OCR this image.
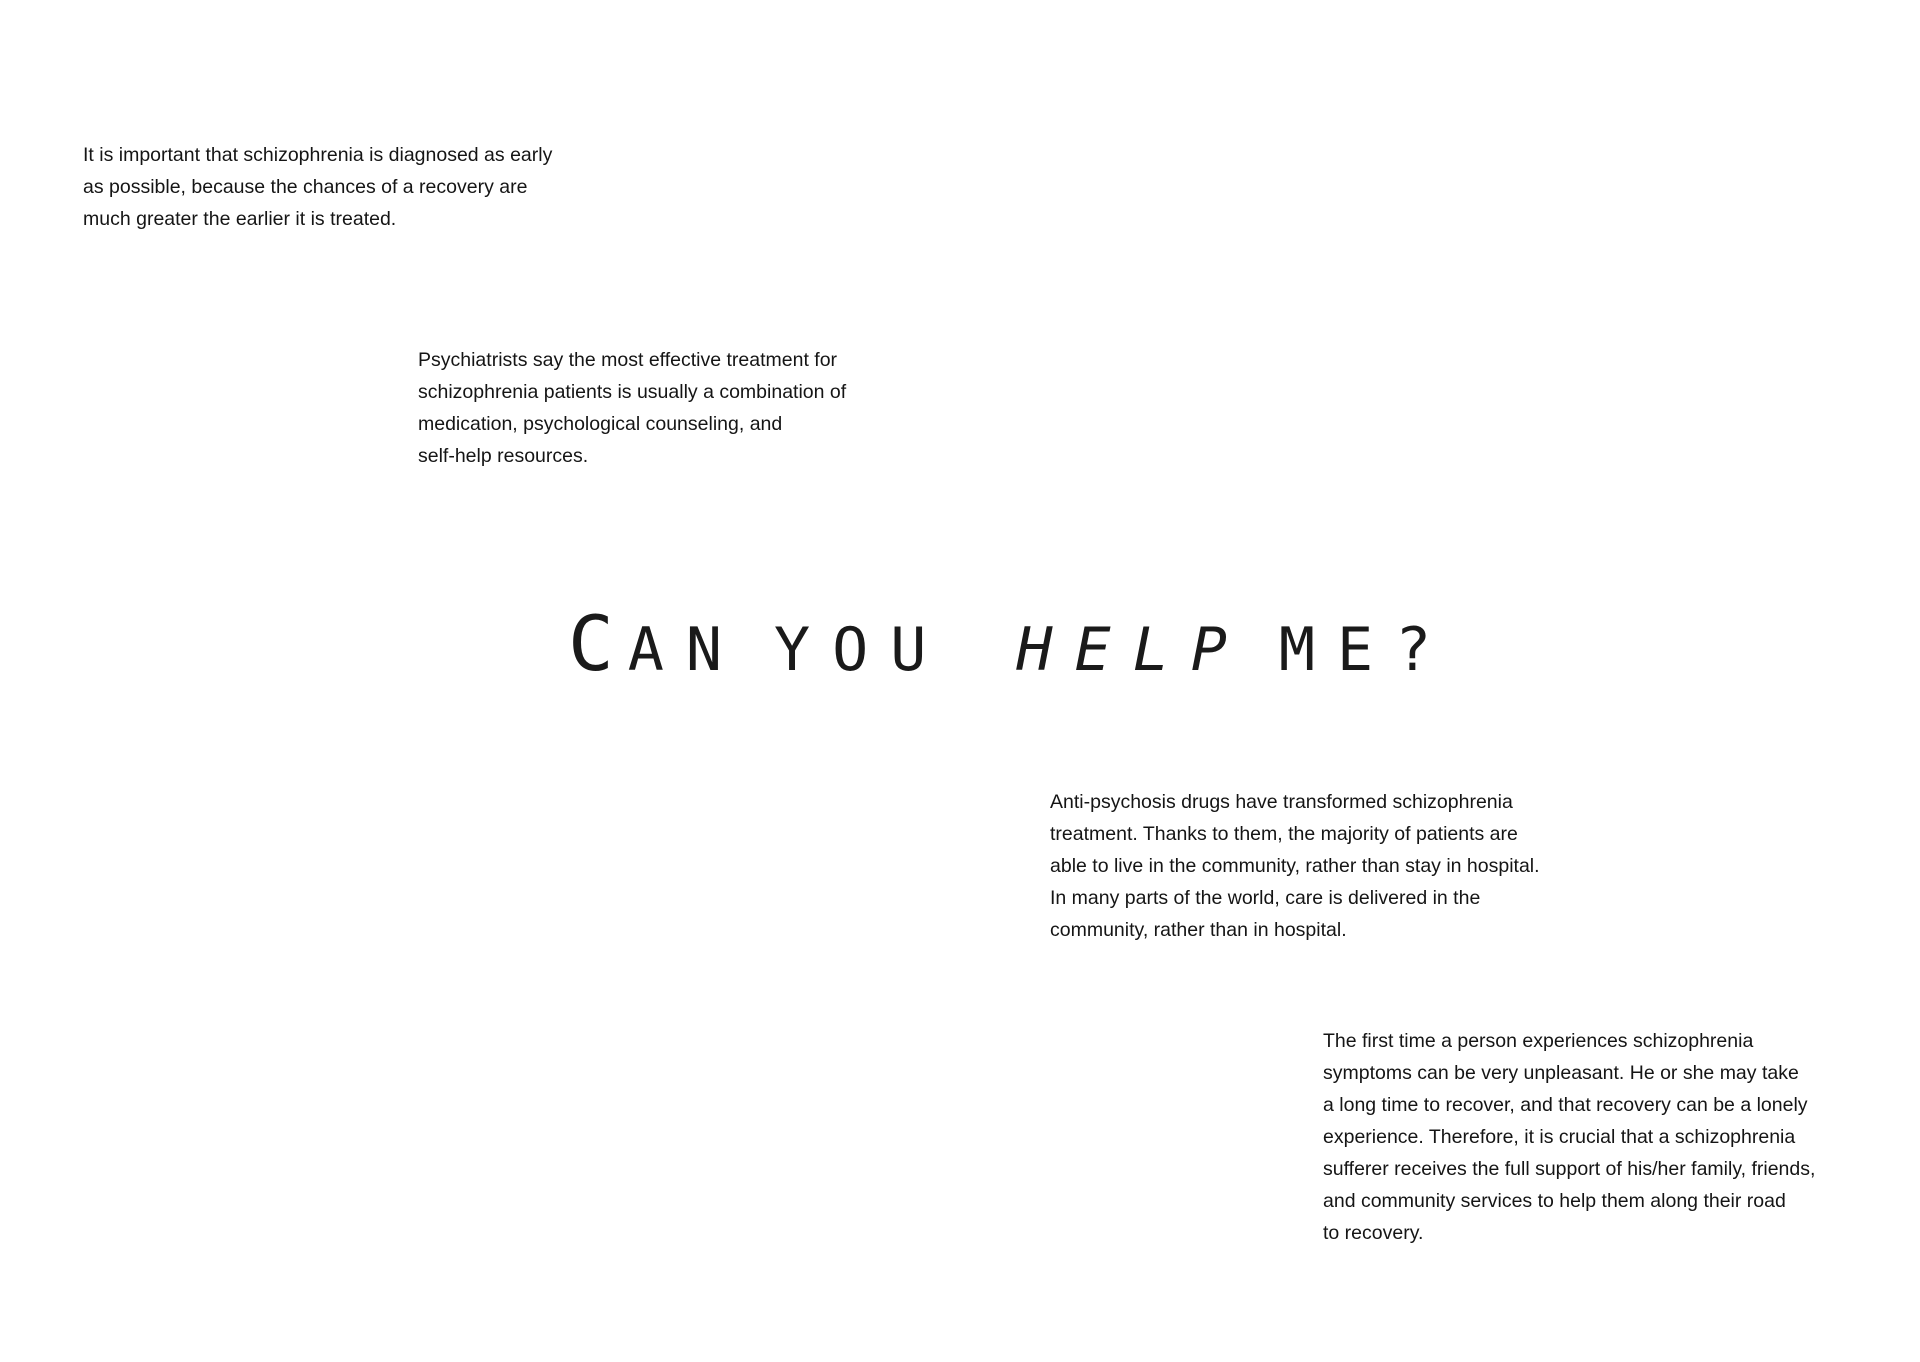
It is important that schizophrenia is diagnosed as early
as possible, because the chances of a recovery are
much greater the earlier it is treated.

Psychiatrists say the most effective treatment for
schizophrenia patients is usually a combination of
medication, psychological counseling, and
self-help resources.

CAN YOU HELP ME?

Anti-psychosis drugs have transformed schizophrenia
treatment. Thanks to them, the majority of patients are
able to live in the community, rather than stay in hospital.
In many parts of the world, care is delivered in the
community, rather than in hospital.

The first time a person experiences schizophrenia
symptoms can be very unpleasant. He or she may take
a long time to recover, and that recovery can be a lonely
experience. Therefore, it is crucial that a schizophrenia
sufferer receives the full support of his/her family, friends,
and community services to help them along their road
to recovery.
